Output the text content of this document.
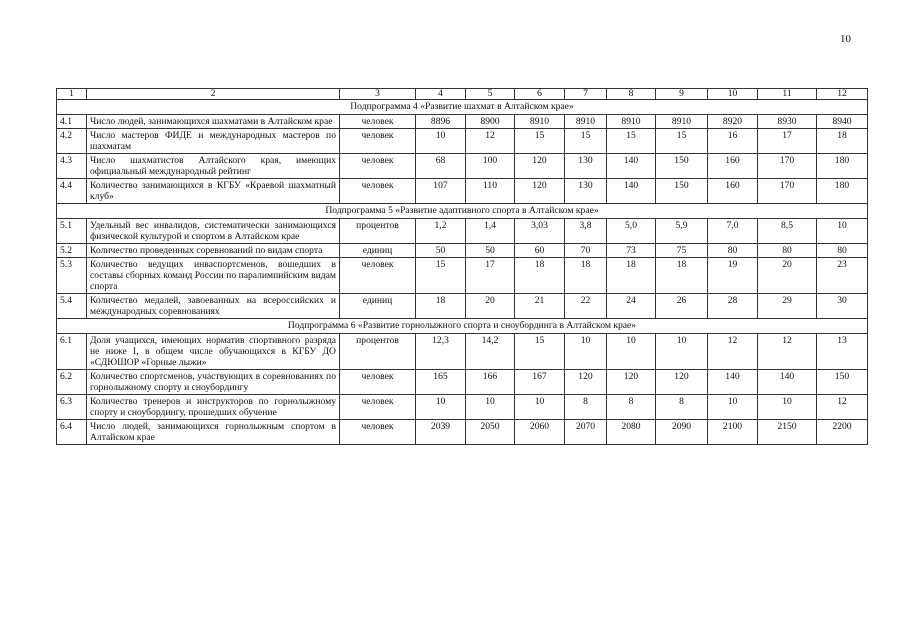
10
1	2	3	4	5	6	7	8	9	10	11	12
Подпрограмма 4 «Развитие шахмат в Алтайском крае»											
4.1	Число людей, занимающихся шахматами в Алтайском крае	человек	8896	8900	8910	8910	8910	8910	8920	8930	8940
4.2	Число мастеров ФИДЕ и международных мастеров по шахматам	человек	10	12	15	15	15	15	16	17	18
4.3	Число шахматистов Алтайского края, имеющих официальный международный рейтинг	человек	68	100	120	130	140	150	160	170	180
4.4	Количество занимающихся в КГБУ «Краевой шахматный клуб»	человек	107	110	120	130	140	150	160	170	180
Подпрограмма 5 «Развитие адаптивного спорта в Алтайском крае»											
5.1	Удельный вес инвалидов, систематически занимающихся физической культурой и спортом в Алтайском крае	процентов	1,2	1,4	3,03	3,8	5,0	5,9	7,0	8,5	10
5.2	Количество проведенных соревнований по видам спорта	единиц	50	50	60	70	73	75	80	80	80
5.3	Количество ведущих инваспортсменов, вошедших в составы сборных команд России по паралимпийским видам спорта	человек	15	17	18	18	18	18	19	20	23
5.4	Количество медалей, завоеванных на всероссийских и международных соревнованиях	единиц	18	20	21	22	24	26	28	29	30
Подпрограмма 6 «Развитие горнолыжного спорта и сноубординга в Алтайском крае»											
6.1	Доля учащихся, имеющих норматив спортивного разряда не ниже I, в общем числе обучающихся в КГБУ ДО «СДЮШОР «Горные лыжи»	процентов	12,3	14,2	15	10	10	10	12	12	13
6.2	Количество спортсменов, участвующих в соревнованиях по горнолыжному спорту и сноубордингу	человек	165	166	167	120	120	120	140	140	150
6.3	Количество тренеров и инструкторов по горнолыжному спорту и сноубордингу, прошедших обучение	человек	10	10	10	8	8	8	10	10	12
6.4	Число людей, занимающихся горнолыжным спортом в Алтайском крае	человек	2039	2050	2060	2070	2080	2090	2100	2150	2200
